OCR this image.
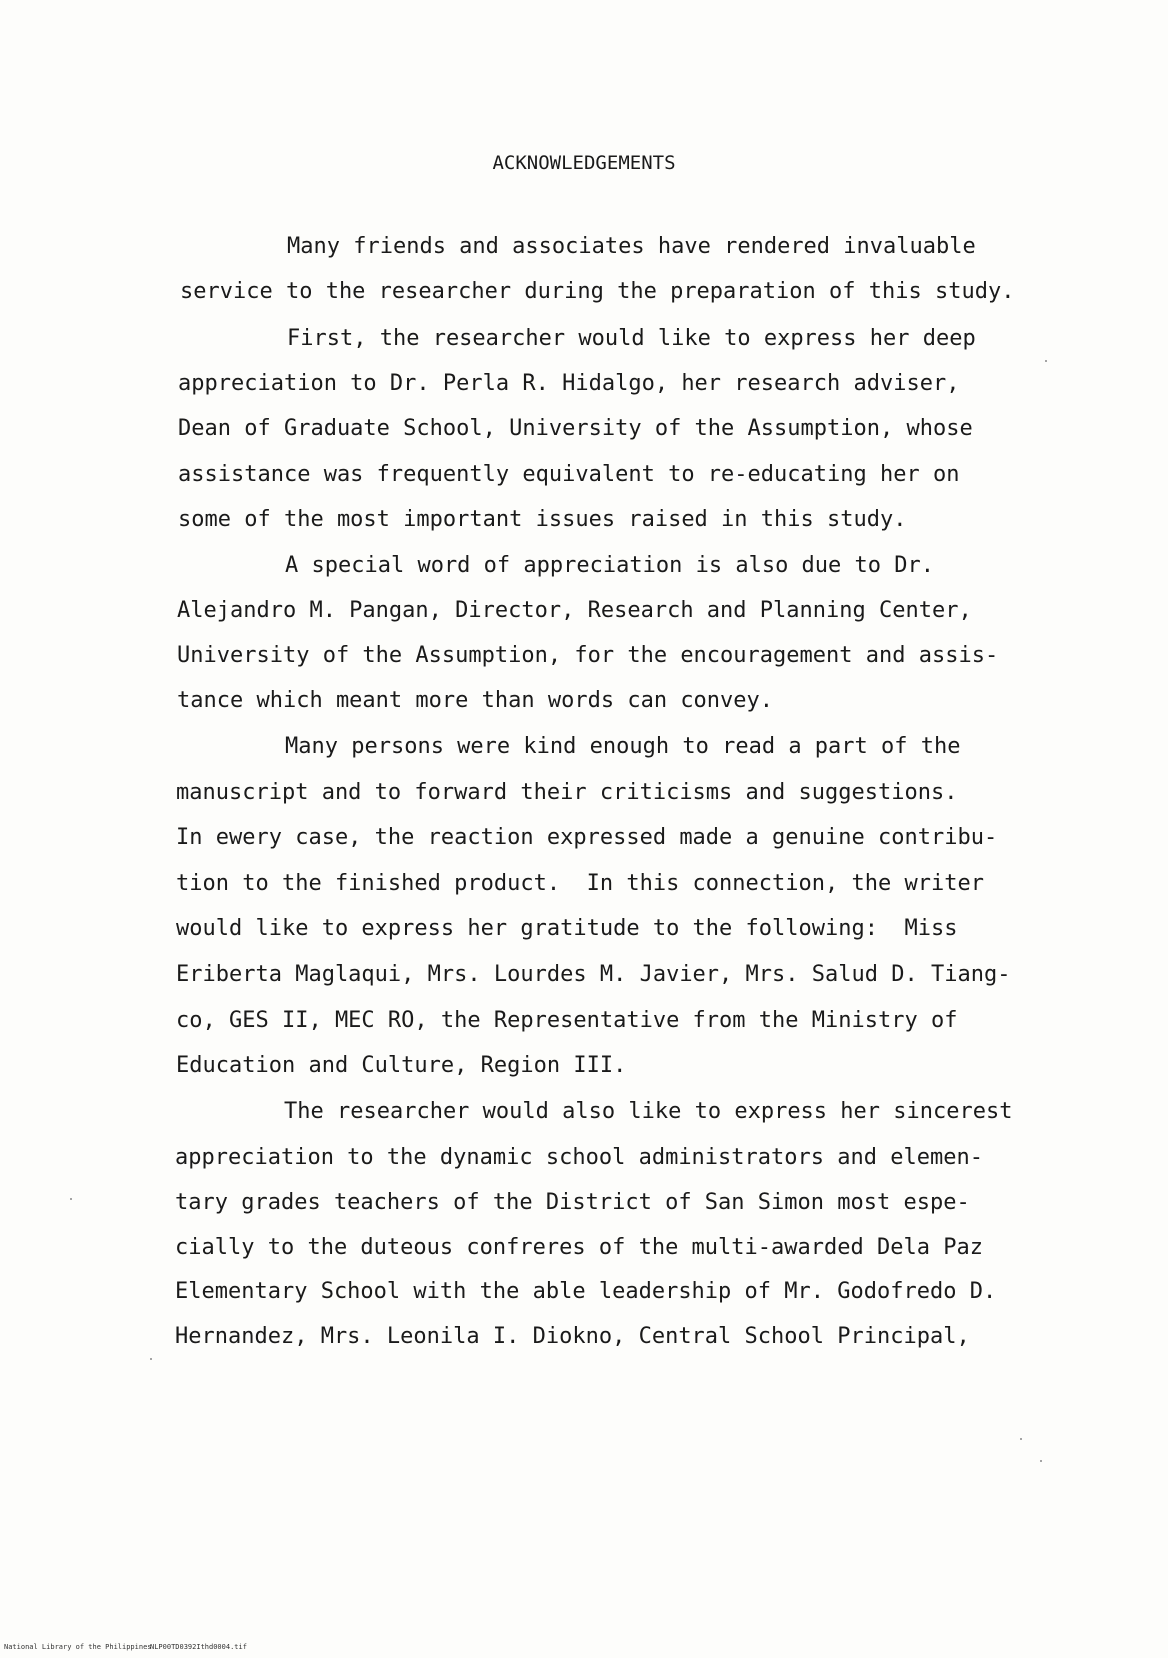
ACKNOWLEDGEMENTS
Many friends and associates have rendered invaluable
service to the researcher during the preparation of this study.
First, the researcher would like to express her deep
appreciation to Dr. Perla R. Hidalgo, her research adviser,
Dean of Graduate School, University of the Assumption, whose
assistance was frequently equivalent to re-educating her on
some of the most important issues raised in this study.
A special word of appreciation is also due to Dr.
Alejandro M. Pangan, Director, Research and Planning Center,
University of the Assumption, for the encouragement and assis-
tance which meant more than words can convey.
Many persons were kind enough to read a part of the
manuscript and to forward their criticisms and suggestions.
In ewery case, the reaction expressed made a genuine contribu-
tion to the finished product.  In this connection, the writer
would like to express her gratitude to the following:  Miss
Eriberta Maglaqui, Mrs. Lourdes M. Javier, Mrs. Salud D. Tiang-
co, GES II, MEC RO, the Representative from the Ministry of
Education and Culture, Region III.
The researcher would also like to express her sincerest
appreciation to the dynamic school administrators and elemen-
tary grades teachers of the District of San Simon most espe-
cially to the duteous confreres of the multi-awarded Dela Paz
Elementary School with the able leadership of Mr. Godofredo D.
Hernandez, Mrs. Leonila I. Diokno, Central School Principal,

National Library of the Philippines

NLP00TD0392Ithd0004.tif
